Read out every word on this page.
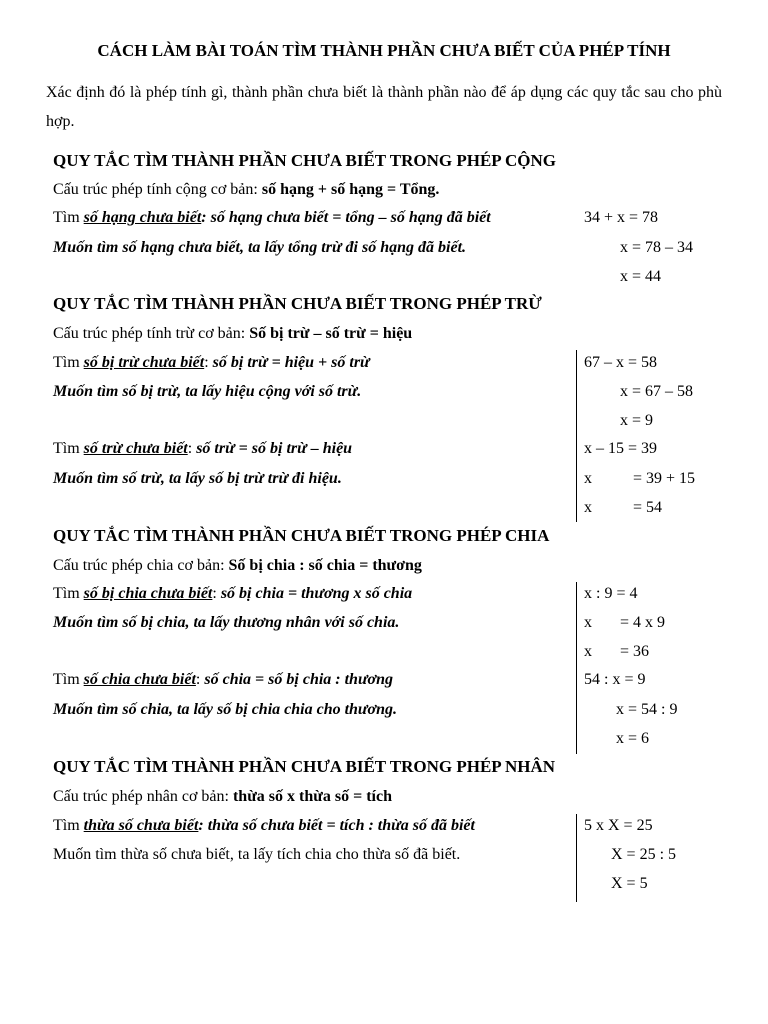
CÁCH LÀM BÀI TOÁN TÌM THÀNH PHẦN CHƯA BIẾT CỦA PHÉP TÍNH
Xác định đó là phép tính gì, thành phần chưa biết là thành phần nào để áp dụng các quy tắc sau cho phù hợp.
QUY TẮC TÌM THÀNH PHẦN CHƯA BIẾT TRONG PHÉP CỘNG
Cấu trúc phép tính cộng cơ bản: số hạng + số hạng = Tổng.
Tìm số hạng chưa biết: số hạng chưa biết = tổng – số hạng đã biết
Muốn tìm số hạng chưa biết, ta lấy tổng trừ đi số hạng đã biết.
34 + x = 78
x = 78 – 34
x = 44
QUY TẮC TÌM THÀNH PHẦN CHƯA BIẾT TRONG PHÉP TRỪ
Cấu trúc phép tính trừ cơ bản: Số bị trừ – số trừ = hiệu
Tìm số bị trừ chưa biết: số bị trừ = hiệu + số trừ
Muốn tìm số bị trừ, ta lấy hiệu cộng với số trừ.
Tìm số trừ chưa biết: số trừ = số bị trừ – hiệu
Muốn tìm số trừ, ta lấy số bị trừ trừ đi hiệu.
67 – x = 58
x = 67 – 58
x = 9
x – 15 = 39
x	= 39 + 15
x	= 54
QUY TẮC TÌM THÀNH PHẦN CHƯA BIẾT TRONG PHÉP CHIA
Cấu trúc phép chia cơ bản: Số bị chia : số chia = thương
Tìm số bị chia chưa biết: số bị chia = thương x số chia
Muốn tìm số bị chia, ta lấy thương nhân với số chia.
Tìm số chia chưa biết: số chia = số bị chia : thương
Muốn tìm số chia, ta lấy số bị chia chia cho thương.
x : 9 = 4
x = 4 x 9
x = 36
54 : x = 9
x = 54 : 9
x = 6
QUY TẮC TÌM THÀNH PHẦN CHƯA BIẾT TRONG PHÉP NHÂN
Cấu trúc phép nhân cơ bản: thừa số x thừa số = tích
Tìm thừa số chưa biết: thừa số chưa biết = tích : thừa số đã biết
Muốn tìm thừa số chưa biết, ta lấy tích chia cho thừa số đã biết.
5 x X = 25
X = 25 : 5
X = 5
